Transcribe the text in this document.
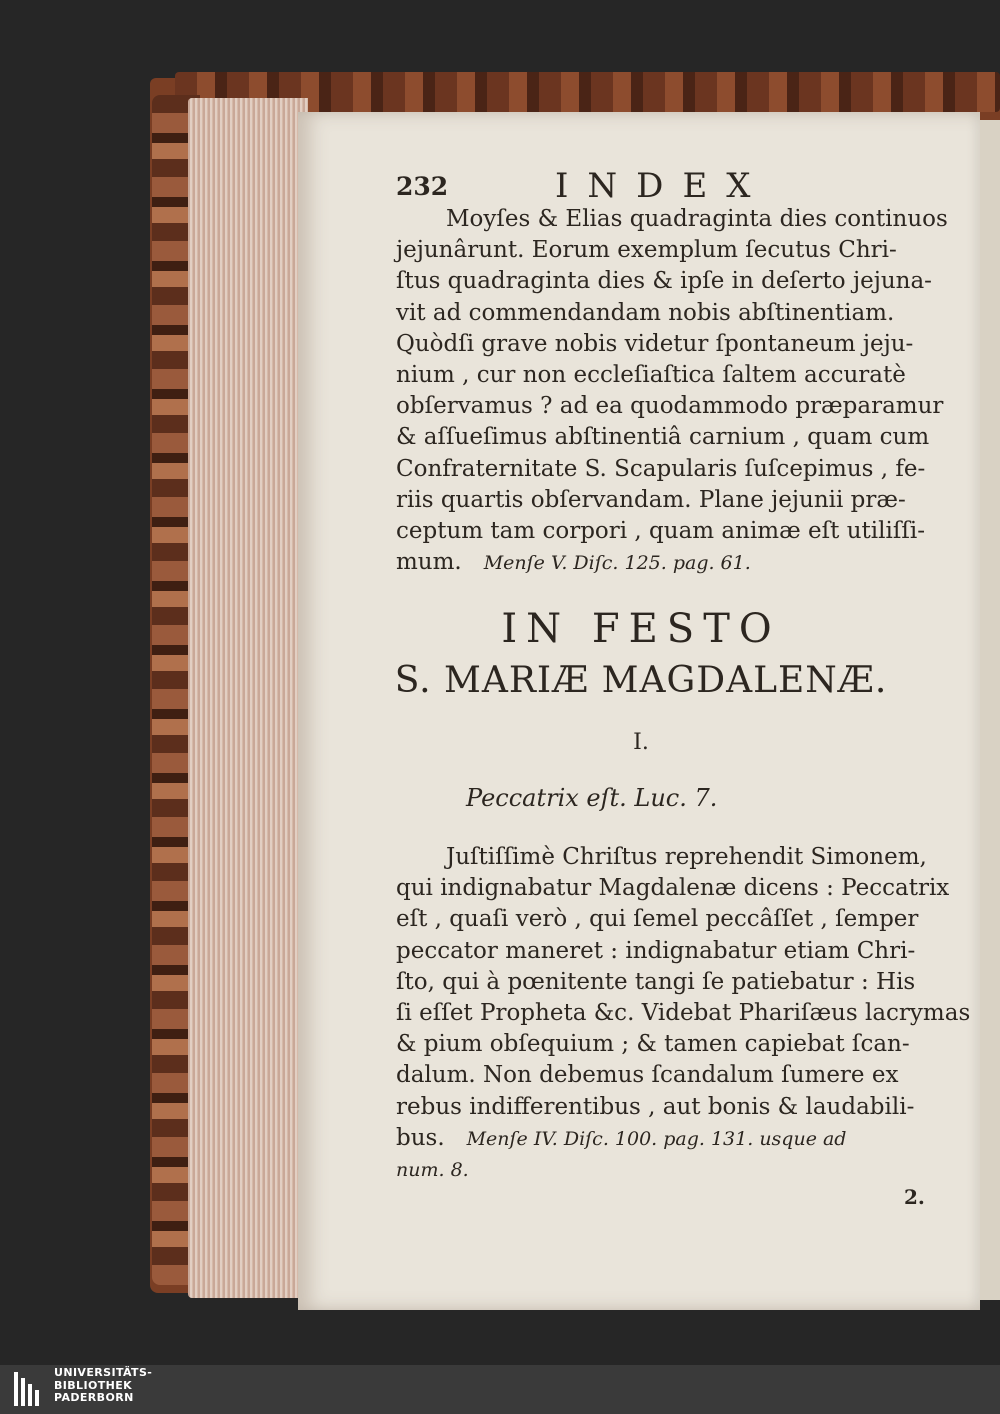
232	INDEX
Moyſes & Elias quadraginta dies continuos
jejunârunt. Eorum exemplum ſecutus Chri-
ſtus quadraginta dies & ipſe in deſerto jejuna-
vit ad commendandam nobis abſtinentiam.
Quòdſi grave nobis videtur ſpontaneum jeju-
nium , cur non eccleſiaſtica ſaltem accuratè
obſervamus ? ad ea quodammodo præparamur
& aſſueſimus abſtinentiâ carnium , quam cum
Confraternitate S. Scapularis ſuſcepimus , fe-
riis quartis obſervandam. Plane jejunii præ-
ceptum tam corpori , quam animæ eſt utiliſſi-
mum. Menſe V. Diſc. 125. pag. 61.
IN FESTO
S. MARIÆ MAGDALENÆ.
I.
Peccatrix eſt. Luc. 7.
Juſtiſſimè Chriſtus reprehendit Simonem,
qui indignabatur Magdalenæ dicens : Peccatrix
eſt , quaſi verò , qui ſemel peccâſſet , ſemper
peccator maneret : indignabatur etiam Chri-
ſto, qui à pœnitente tangi ſe patiebatur : His
ſi eſſet Propheta &c. Videbat Phariſæus lacrymas
& pium obſequium ; & tamen capiebat ſcan-
dalum. Non debemus ſcandalum ſumere ex
rebus indifferentibus , aut bonis & laudabili-
bus. Menſe IV. Diſc. 100. pag. 131. usque ad
num. 8.
2.
UNIVERSITÄTS-
BIBLIOTHEK
PADERBORN
